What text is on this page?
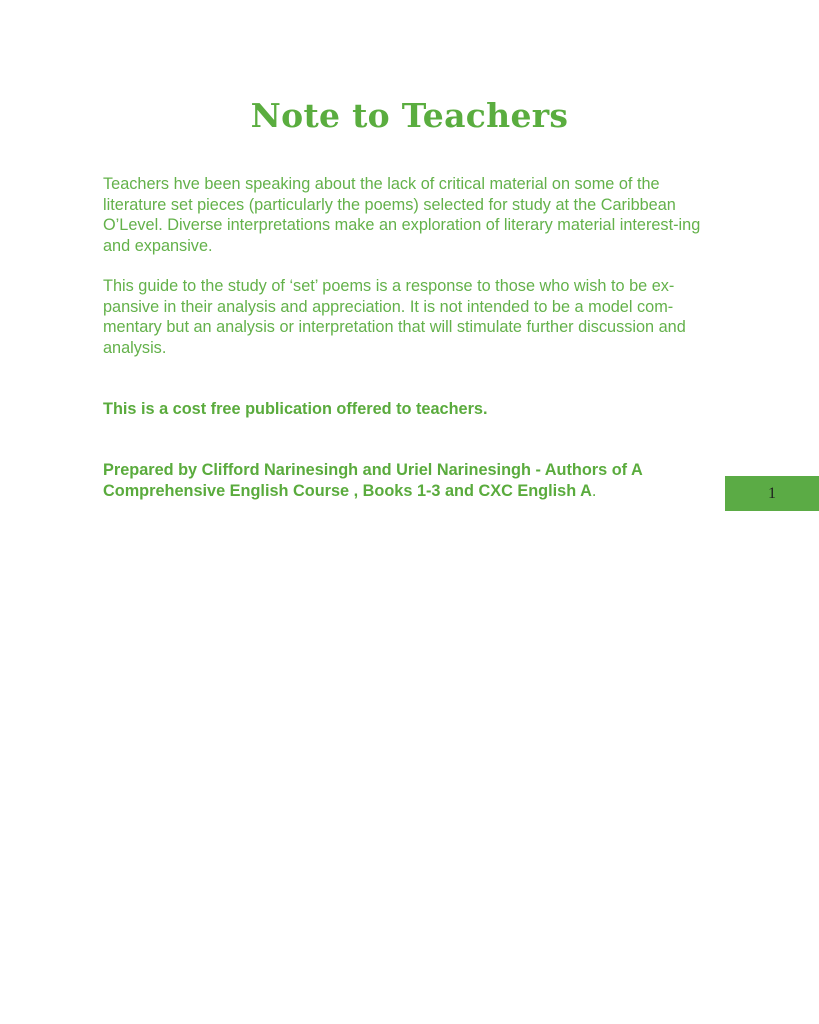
Note to Teachers

Teachers hve been speaking about the lack of critical material on some of the literature set pieces (particularly the poems) selected for study at the Caribbean O’Level. Diverse interpretations make an exploration of literary material interest-ing and expansive.

This guide to the study of ‘set’ poems is a response to those who wish to be ex-pansive in their analysis and appreciation. It is not intended to be a model com-mentary but an analysis or interpretation that will stimulate further discussion and analysis.

This is a cost free publication offered to teachers.

Prepared by Clifford Narinesingh and Uriel Narinesingh - Authors of A Comprehensive English Course , Books 1-3 and CXC English A.	1
